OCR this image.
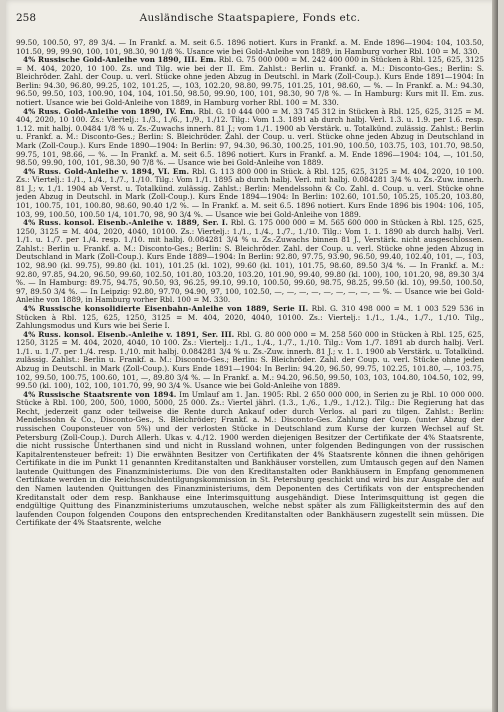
258	Ausländische Staatspapiere, Fonds etc.

99.50, 100.50, 97, 89 3/4. — In Frankf. a. M. seit 6.5. 1896 notiert. Kurs in Frankf. a. M. Ende 1896—1904: 104, 103.50, 101.50, 99, 99.90, 100, 101, 98.30, 90 1/8 %. Usance wie bei Gold-Anleihe von 1889, in Hamburg vorher Rbl. 100 = M. 330.

4% Russische Gold-Anleihe von 1890, III. Em. Rbl. G. 75 000 000 = M. 242 400 000 in Stücken à Rbl. 125, 625, 3125 = M. 404, 2020, 10 100. Zs. und Tilg. wie bei der II. Em. Zahlst.: Berlin u. Frankf. a. M.: Disconto-Ges.; Berlin: S. Bleichröder. Zahl. der Coup. u. verl. Stücke ohne jeden Abzug in Deutschl. in Mark (Zoll-Coup.). Kurs Ende 1891—1904: In Berlin: 94.30, 96.80, 99.25, 102, 101.25, —, 103, 102.20, 98.80, 99.75, 101.25, 101, 98.60, — %. — In Frankf. a. M.: 94.30, 96.50, 99.50, 103, 100.90, 104, 104, 101.50, 98.50, 99.90, 100, 101, 98.30, 90 7/8 %. — In Hamburg: Kurs mit II. Em. zus. notiert. Usance wie bei Gold-Anleihe von 1889, in Hamburg vorher Rbl. 100 = M. 330.

4% Russ. Gold-Anleihe von 1890, IV. Em. Rbl. G. 10 444 000 = M. 33 745 312 in Stücken à Rbl. 125, 625, 3125 = M. 404, 2020, 10 100. Zs.: Viertelj.: 1./3., 1./6., 1./9., 1./12. Tilg.: Vom 1.3. 1891 ab durch halbj. Verl. 1.3. u. 1.9. per 1.6. resp. 1.12. mit halbj. 0.0484 1/8 % u. Zs.-Zuwachs innerh. 81 J.; vom 1./1. 1900 ab Verstärk. u. Totalkünd. zulässig. Zahlst.: Berlin u. Frankf. a. M.: Disconto-Ges.; Berlin: S. Bleichröder. Zahl. der Coup. u. verl. Stücke ohne jeden Abzug in Deutschland in Mark (Zoll-Coup.). Kurs Ende 1890—1904: In Berlin: 97, 94.30, 96.30, 100.25, 101.90, 100.50, 103.75, 103, 101.70, 98.50, 99.75, 101, 98.66, — %. — In Frankf. a. M. seit 6.5. 1896 notiert. Kurs in Frankf. a. M. Ende 1896—1904: 104, —, 101.50, 98.50, 99.90, 100, 101, 98.30, 90 7/8 %. — Usance wie bei Gold-Anleihe von 1889.

4% Russ. Gold-Anleihe v. 1894, VI. Em. Rbl. G. 113 800 000 in Stück. à Rbl. 125, 625, 3125 = M. 404, 2020, 10 100. Zs.: Viertelj.: 1./1., 1./4., 1./7., 1./10. Tilg.: Vom 1./1. 1895 ab durch halbj. Verl. mit halbj. 0.084281 3/4 % u. Zs.-Zuw. innerh. 81 J.; v. 1./1. 1904 ab Verst. u. Totalkünd. zulässig. Zahlst.: Berlin: Mendelssohn & Co. Zahl. d. Coup. u. verl. Stücke ohne jeden Abzug in Deutschl. in Mark (Zoll-Coup.). Kurs Ende 1894—1904: In Berlin: 102.60, 101.50, 105.25, 105.20, 103.80, 101, 100.75, 101, 100.80, 98.60, 90.40 1/2 %. — In Frankf. a. M. seit 6.5. 1896 notiert. Kurs Ende 1896 bis 1904: 106, 105, 103, 99, 100.50, 100.50 1/4, 101.70, 98, 90 3/4 %. — Usance wie bei Gold-Anleihe von 1889.

4% Russ. konsol. Eisenb.-Anleihe v. 1889, Ser. I. Rbl. G. 175 000 000 = M. 565 600 000 in Stücken à Rbl. 125, 625, 1250, 3125 = M. 404, 2020, 4040, 10100. Zs.: Viertelj.: 1./1., 1./4., 1./7., 1./10. Tilg.: Vom 1. 1. 1890 ab durch halbj. Verl. 1./1. u. 1./7. per 1./4. resp. 1./10. mit halbj. 0.084281 3/4 % u. Zs.-Zuwachs binnen 81 J., Verstärk. nicht ausgeschlossen. Zahlst.: Berlin u. Frankf. a. M.: Disconto-Ges.; Berlin: S. Bleichröder. Zahl. der Coup. u. verl. Stücke ohne jeden Abzug in Deutschland in Mark (Zoll-Coup.). Kurs Ende 1889—1904: In Berlin: 92.80, 97.75, 93.90, 96.50, 99.40, 102.40, 101, —, 103, 102, 98.90 (kl. 99.75), 99.80 (kl. 101), 101.25 (kl. 102), 99.60 (kl. 101), 101.75, 98.60, 89.50 3/4 %. — In Frankf. a. M.: 92.80, 97.85, 94.20, 96.50, 99.60, 102.50, 101.80, 103.20, 103.20, 101.90, 99.40, 99.80 (kl. 100), 100, 101.20, 98, 89.30 3/4 %. — In Hamburg: 89.75, 94.75, 90.50, 93, 96.25, 99.10, 99.10, 100.50, 99.60, 98.75, 98.25, 99.50 (kl. 10), 99.50, 100.50, 97, 89.50 3/4 %. — In Leipzig: 92.80, 97.70, 94.90, 97, 100, 102.50, —, —, —, —, —, —, —, —, — %. — Usance wie bei Gold-Anleihe von 1889, in Hamburg vorher Rbl. 100 = M. 330.

4% Russische konsolidierte Eisenbahn-Anleihe von 1889, Serie II. Rbl. G. 310 498 000 = M. 1 003 529 536 in Stücken à Rbl. 125, 625, 1250, 3125 = M. 404, 2020, 4040, 10100. Zs.: Viertelj.: 1./1., 1./4., 1./7., 1./10. Tilg., Zahlungsmodus und Kurs wie bei Serie I.

4% Russ. konsol. Eisenb.-Anleihe v. 1891, Ser. III. Rbl. G. 80 000 000 = M. 258 560 000 in Stücken à Rbl. 125, 625, 1250, 3125 = M. 404, 2020, 4040, 10 100. Zs.: Viertelj.: 1./1., 1./4., 1./7., 1./10. Tilg.: Vom 1./7. 1891 ab durch halbj. Verl. 1./1. u. 1./7. per 1./4. resp. 1./10. mit halbj. 0.084281 3/4 % u. Zs.-Zuw. innerh. 81 J.; v. 1. 1. 1900 ab Verstärk. u. Totalkünd. zulässig. Zahlst.: Berlin u. Frankf. a. M.: Disconto-Ges.; Berlin: S. Bleichröder. Zahl. der Coup. u. verl. Stücke ohne jeden Abzug in Deutschl. in Mark (Zoll-Coup.). Kurs Ende 1891—1904: In Berlin: 94.20, 96.50, 99.75, 102.25, 101.80, —, 103.75, 102, 99.50, 100.75, 100.60, 101, —, 89.80 3/4 %. — In Frankf. a. M.: 94.20, 96.50, 99.50, 103, 103, 104.80, 104.50, 102, 99, 99.50 (kl. 100), 102, 100, 101.70, 99, 90 3/4 %. Usance wie bei Gold-Anleihe von 1889.

4% Russische Staatsrente von 1894. Im Umlauf am 1. Jan. 1905: Rbl. 2 650 000 000, in Serien zu je Rbl. 10 000 000. Stücke à Rbl. 100, 200, 500, 1000, 5000, 25 000. Zs.: Viertel jährl. (1.3., 1./6., 1./9., 1./12.). Tilg.: Die Regierung hat das Recht, jederzeit ganz oder teilweise die Rente durch Ankauf oder durch Verlos. al pari zu tilgen. Zahlst.: Berlin: Mendelssohn & Co., Disconto-Ges., S. Bleichröder; Frankf. a. M.: Disconto-Ges. Zahlung der Coup. (unter Abzug der russischen Couponsteuer von 5%) und der verlosten Stücke in Deutschland zum Kurse der kurzen Wechsel auf St. Petersburg (Zoll-Coup.). Durch Allerh. Ukas v. 4./12. 1900 werden diejenigen Besitzer der Certifikate der 4% Staatsrente, die nicht russische Unterthanen sind und nicht in Russland wohnen, unter folgenden Bedingungen von der russischen Kapitalrentensteuer befreit: 1) Die erwähnten Besitzer von Certifikaten der 4% Staatsrente können die ihnen gehörigen Certifikate in die im Punkt 11 genannten Kreditanstalten und Bankhäuser vorstellen, zum Umtausch gegen auf den Namen lautende Quittungen des Finanzministeriums. Die von den Kreditanstalten oder Bankhäusern in Empfang genommenen Certifikate werden in die Reichsschuldentilgungskommission in St. Petersburg geschickt und wird bis zur Ausgabe der auf den Namen lautenden Quittungen des Finanzministeriums, dem Deponenten des Certifikats von der entsprechenden Kreditanstalt oder dem resp. Bankhause eine Interimsquittung ausgehändigt. Diese Interimsquittung ist gegen die endgültige Quittung des Finanzministeriums umzutauschen, welche nebst später als zum Fälligkeitstermin des auf den laufenden Coupon folgenden Coupons den entsprechenden Kreditanstalten oder Bankhäusern zugestellt sein müssen. Die Certifikate der 4% Staatsrente, welche
